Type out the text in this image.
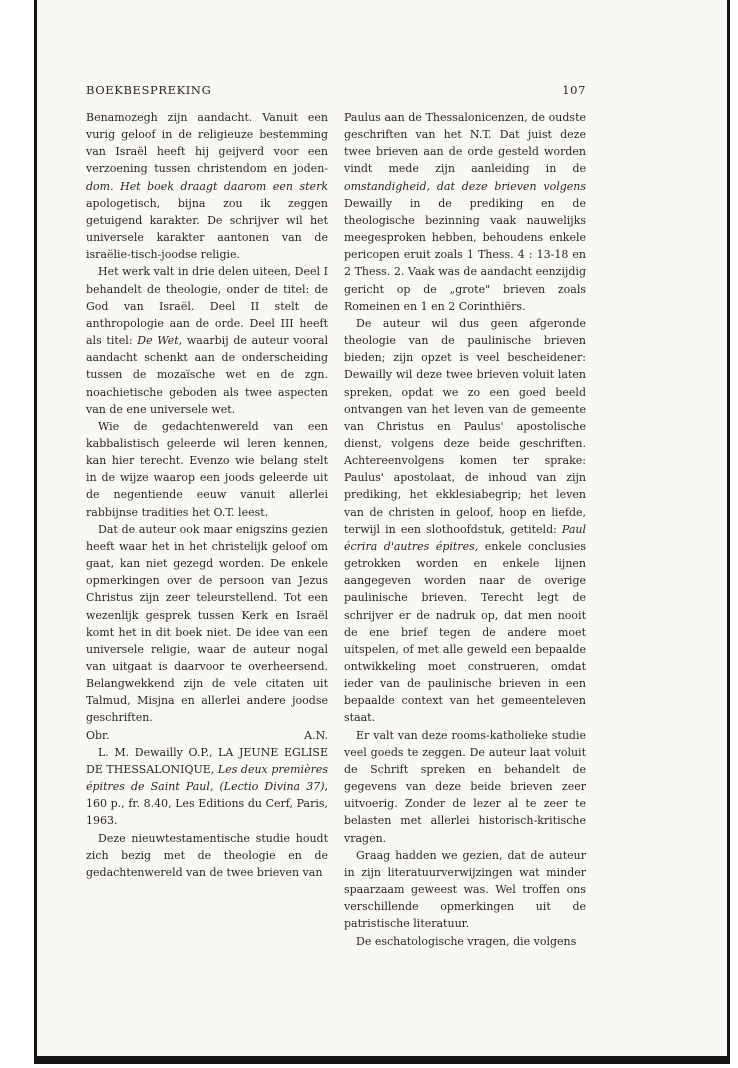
BOEKBESPREKING	107

Benamozegh zijn aandacht. Vanuit een vurig geloof in de religieuze bestemming van Israël heeft hij geijverd voor een verzoening tussen christendom en joden- dom. Het boek draagt daarom een sterk apologetisch, bijna zou ik zeggen getuigend karakter. De schrijver wil het universele karakter aantonen van de israëlie-tisch-joodse religie.

Het werk valt in drie delen uiteen, Deel I behandelt de theologie, onder de titel: de God van Israël. Deel II stelt de anthropologie aan de orde. Deel III heeft als titel: De Wet, waarbij de auteur vooral aandacht schenkt aan de onderscheiding tussen de mozaïsche wet en de zgn. noachietische geboden als twee aspecten van de ene universele wet.

Wie de gedachtenwereld van een kabbalistisch geleerde wil leren kennen, kan hier terecht. Evenzo wie belang stelt in de wijze waarop een joods geleerde uit de negentiende eeuw vanuit allerlei rabbijnse tradities het O.T. leest.

Dat de auteur ook maar enigszins gezien heeft waar het in het christelijk geloof om gaat, kan niet gezegd worden. De enkele opmerkingen over de persoon van Jezus Christus zijn zeer teleurstellend. Tot een wezenlijk gesprek tussen Kerk en Israël komt het in dit boek niet. De idee van een universele religie, waar de auteur nogal van uitgaat is daarvoor te overheersend. Belangwekkend zijn de vele citaten uit Talmud, Misjna en allerlei andere joodse geschriften.

Obr.	A.N.

L. M. Dewailly O.P., LA JEUNE EGLISE DE THESSALONIQUE, Les deux premières épitres de Saint Paul, (Lectio Divina 37), 160 p., fr. 8.40, Les Editions du Cerf, Paris, 1963.

Deze nieuwtestamentische studie houdt zich bezig met de theologie en de gedachtenwereld van de twee brieven van

Paulus aan de Thessalonicenzen, de oudste geschriften van het N.T. Dat juist deze twee brieven aan de orde gesteld worden vindt mede zijn aanleiding in de omstandigheid, dat deze brieven volgens Dewailly in de prediking en de theologische bezinning vaak nauwelijks meegesproken hebben, behoudens enkele pericopen eruit zoals 1 Thess. 4 : 13-18 en 2 Thess. 2. Vaak was de aandacht eenzijdig gericht op de „grote" brieven zoals Romeinen en 1 en 2 Corinthiërs.

De auteur wil dus geen afgeronde theologie van de paulinische brieven bieden; zijn opzet is veel bescheidener: Dewailly wil deze twee brieven voluit laten spreken, opdat we zo een goed beeld ontvangen van het leven van de gemeente van Christus en Paulus' apostolische dienst, volgens deze beide geschriften. Achtereenvolgens komen ter sprake: Paulus' apostolaat, de inhoud van zijn prediking, het ekklesiabegrip; het leven van de christen in geloof, hoop en liefde, terwijl in een slothoofdstuk, getiteld: Paul écrira d'autres épitres, enkele conclusies getrokken worden en enkele lijnen aangegeven worden naar de overige paulinische brieven. Terecht legt de schrijver er de nadruk op, dat men nooit de ene brief tegen de andere moet uitspelen, of met alle geweld een bepaalde ontwikkeling moet construeren, omdat ieder van de paulinische brieven in een bepaalde context van het gemeenteleven staat.

Er valt van deze rooms-katholieke studie veel goeds te zeggen. De auteur laat voluit de Schrift spreken en behandelt de gegevens van deze beide brieven zeer uitvoerig. Zonder de lezer al te zeer te belasten met allerlei historisch-kritische vragen.

Graag hadden we gezien, dat de auteur in zijn literatuurverwijzingen wat minder spaarzaam geweest was. Wel troffen ons verschillende opmerkingen uit de patristische literatuur.

De eschatologische vragen, die volgens
